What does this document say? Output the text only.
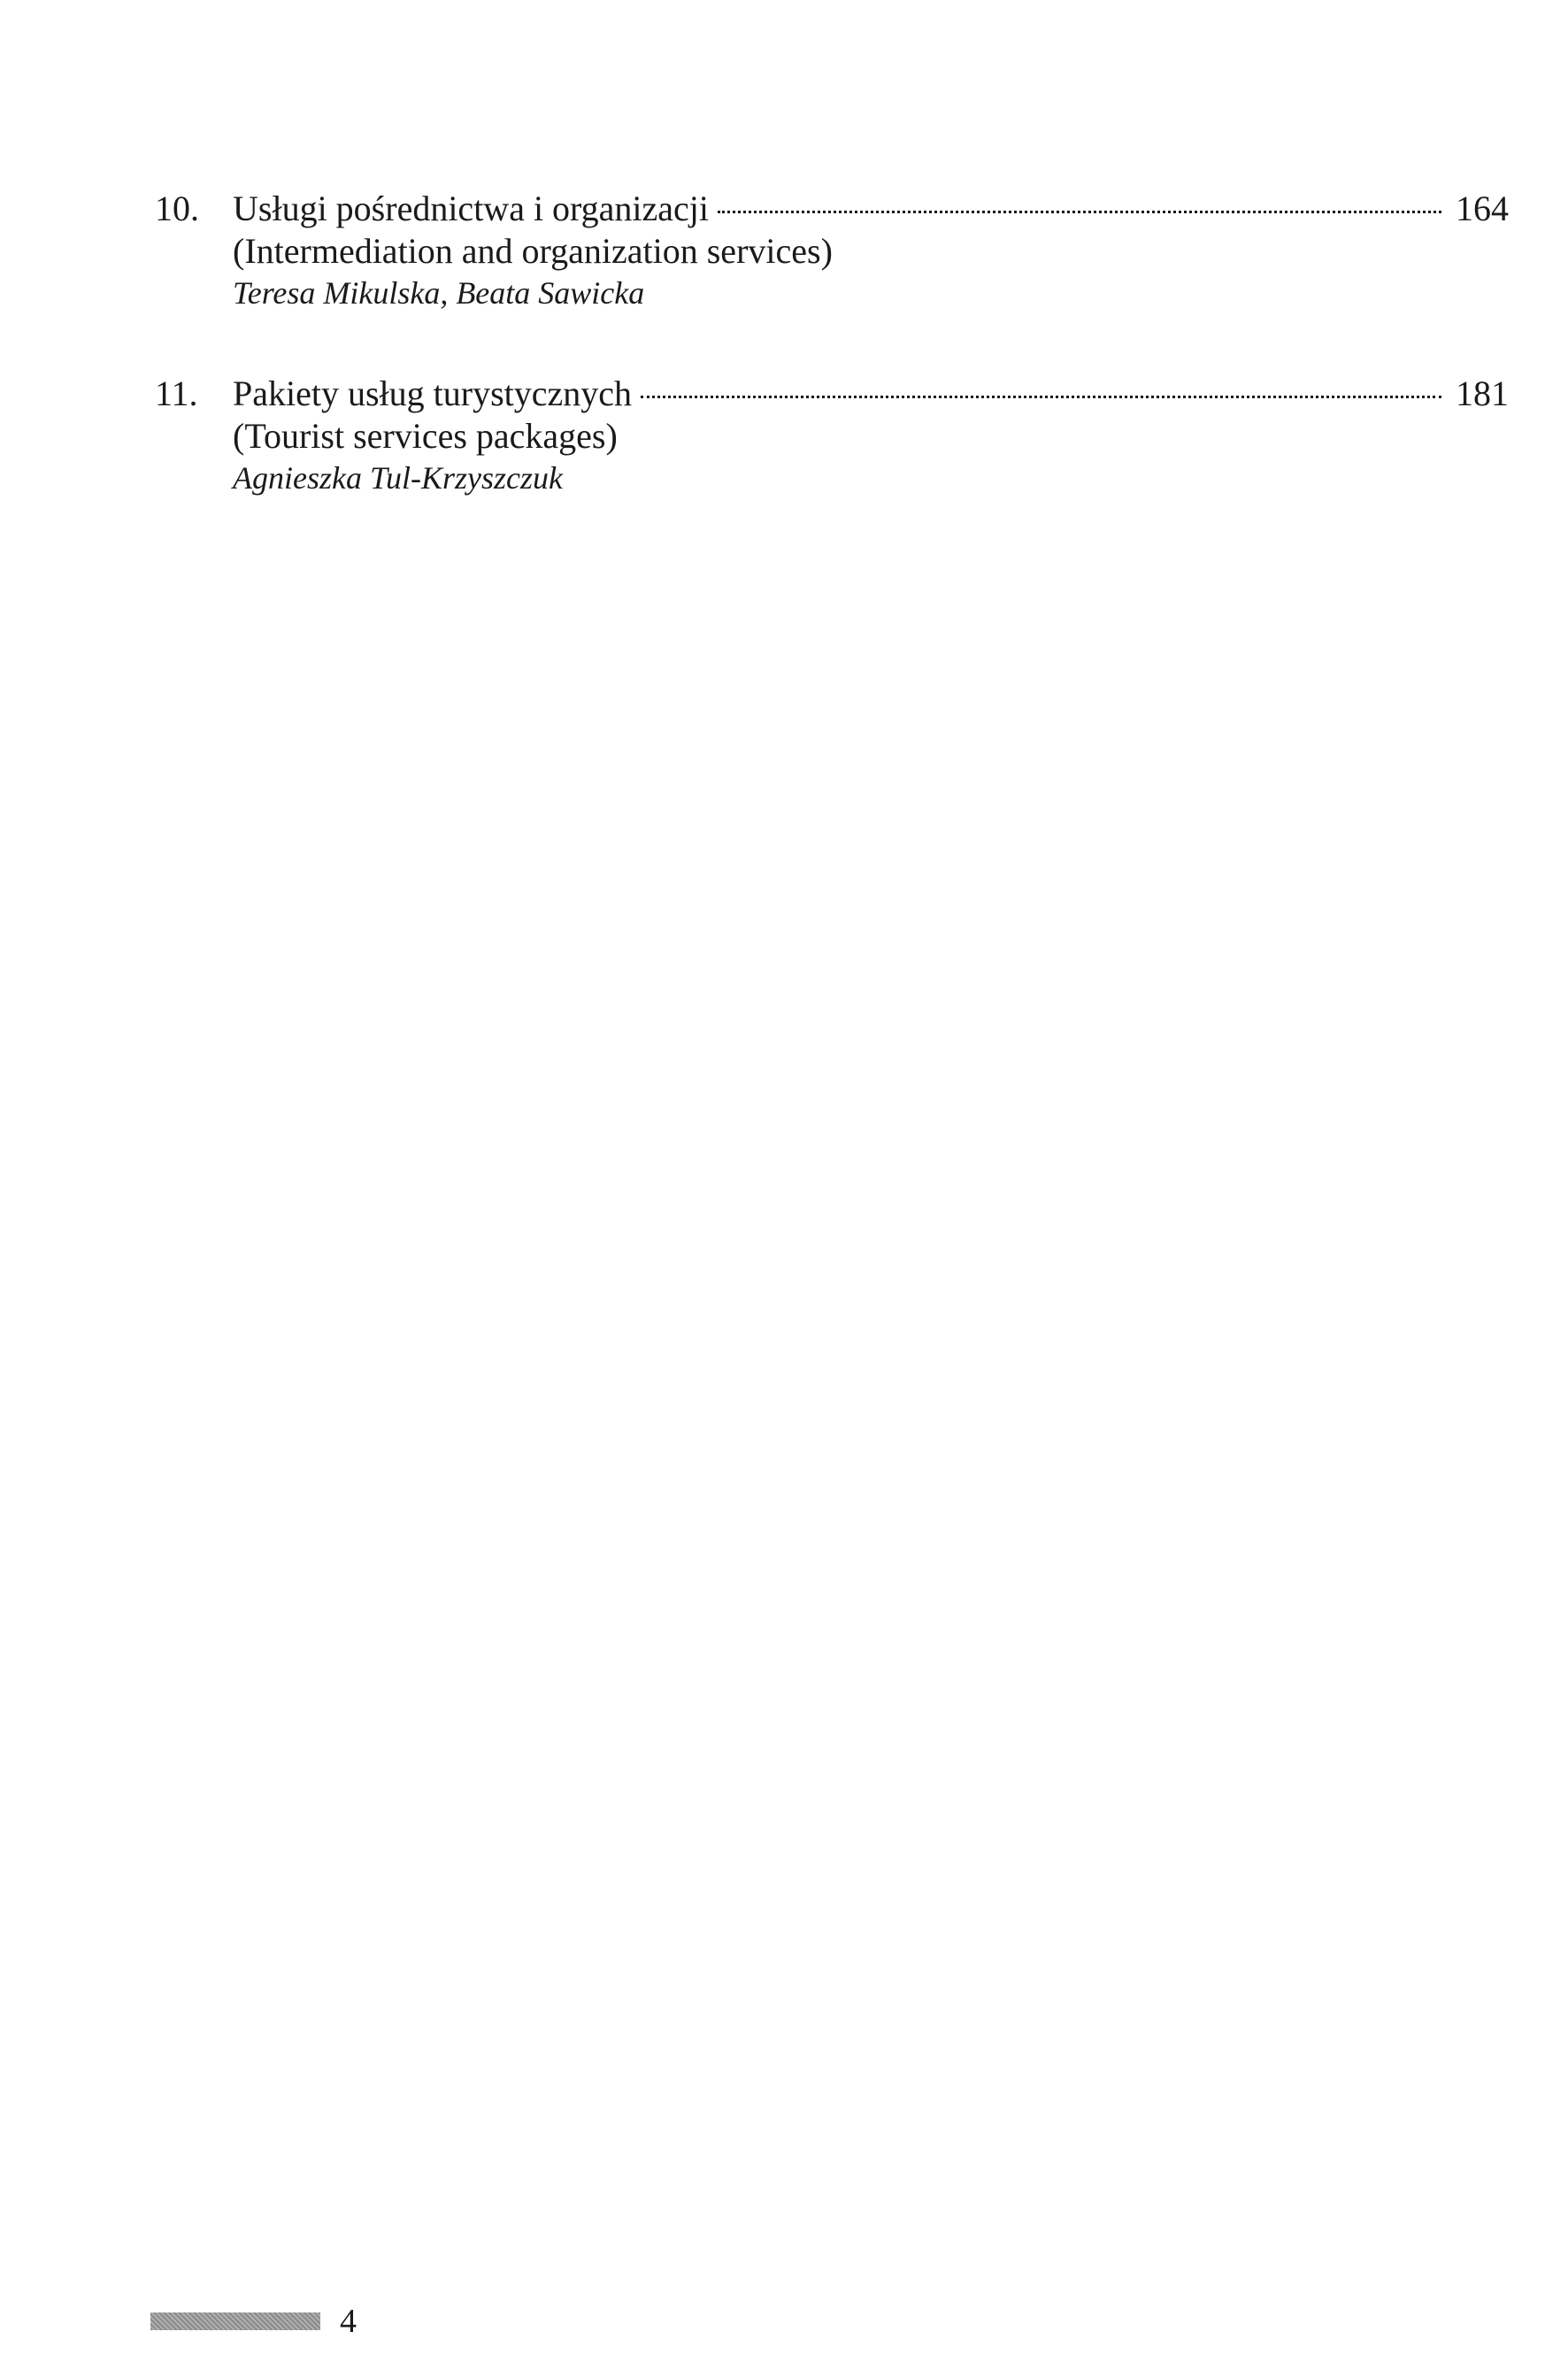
10. Usługi pośrednictwa i organizacji	164
(Intermediation and organization services)
Teresa Mikulska, Beata Sawicka
11. Pakiety usług turystycznych	181
(Tourist services packages)
Agnieszka Tul-Krzyszczuk
4
